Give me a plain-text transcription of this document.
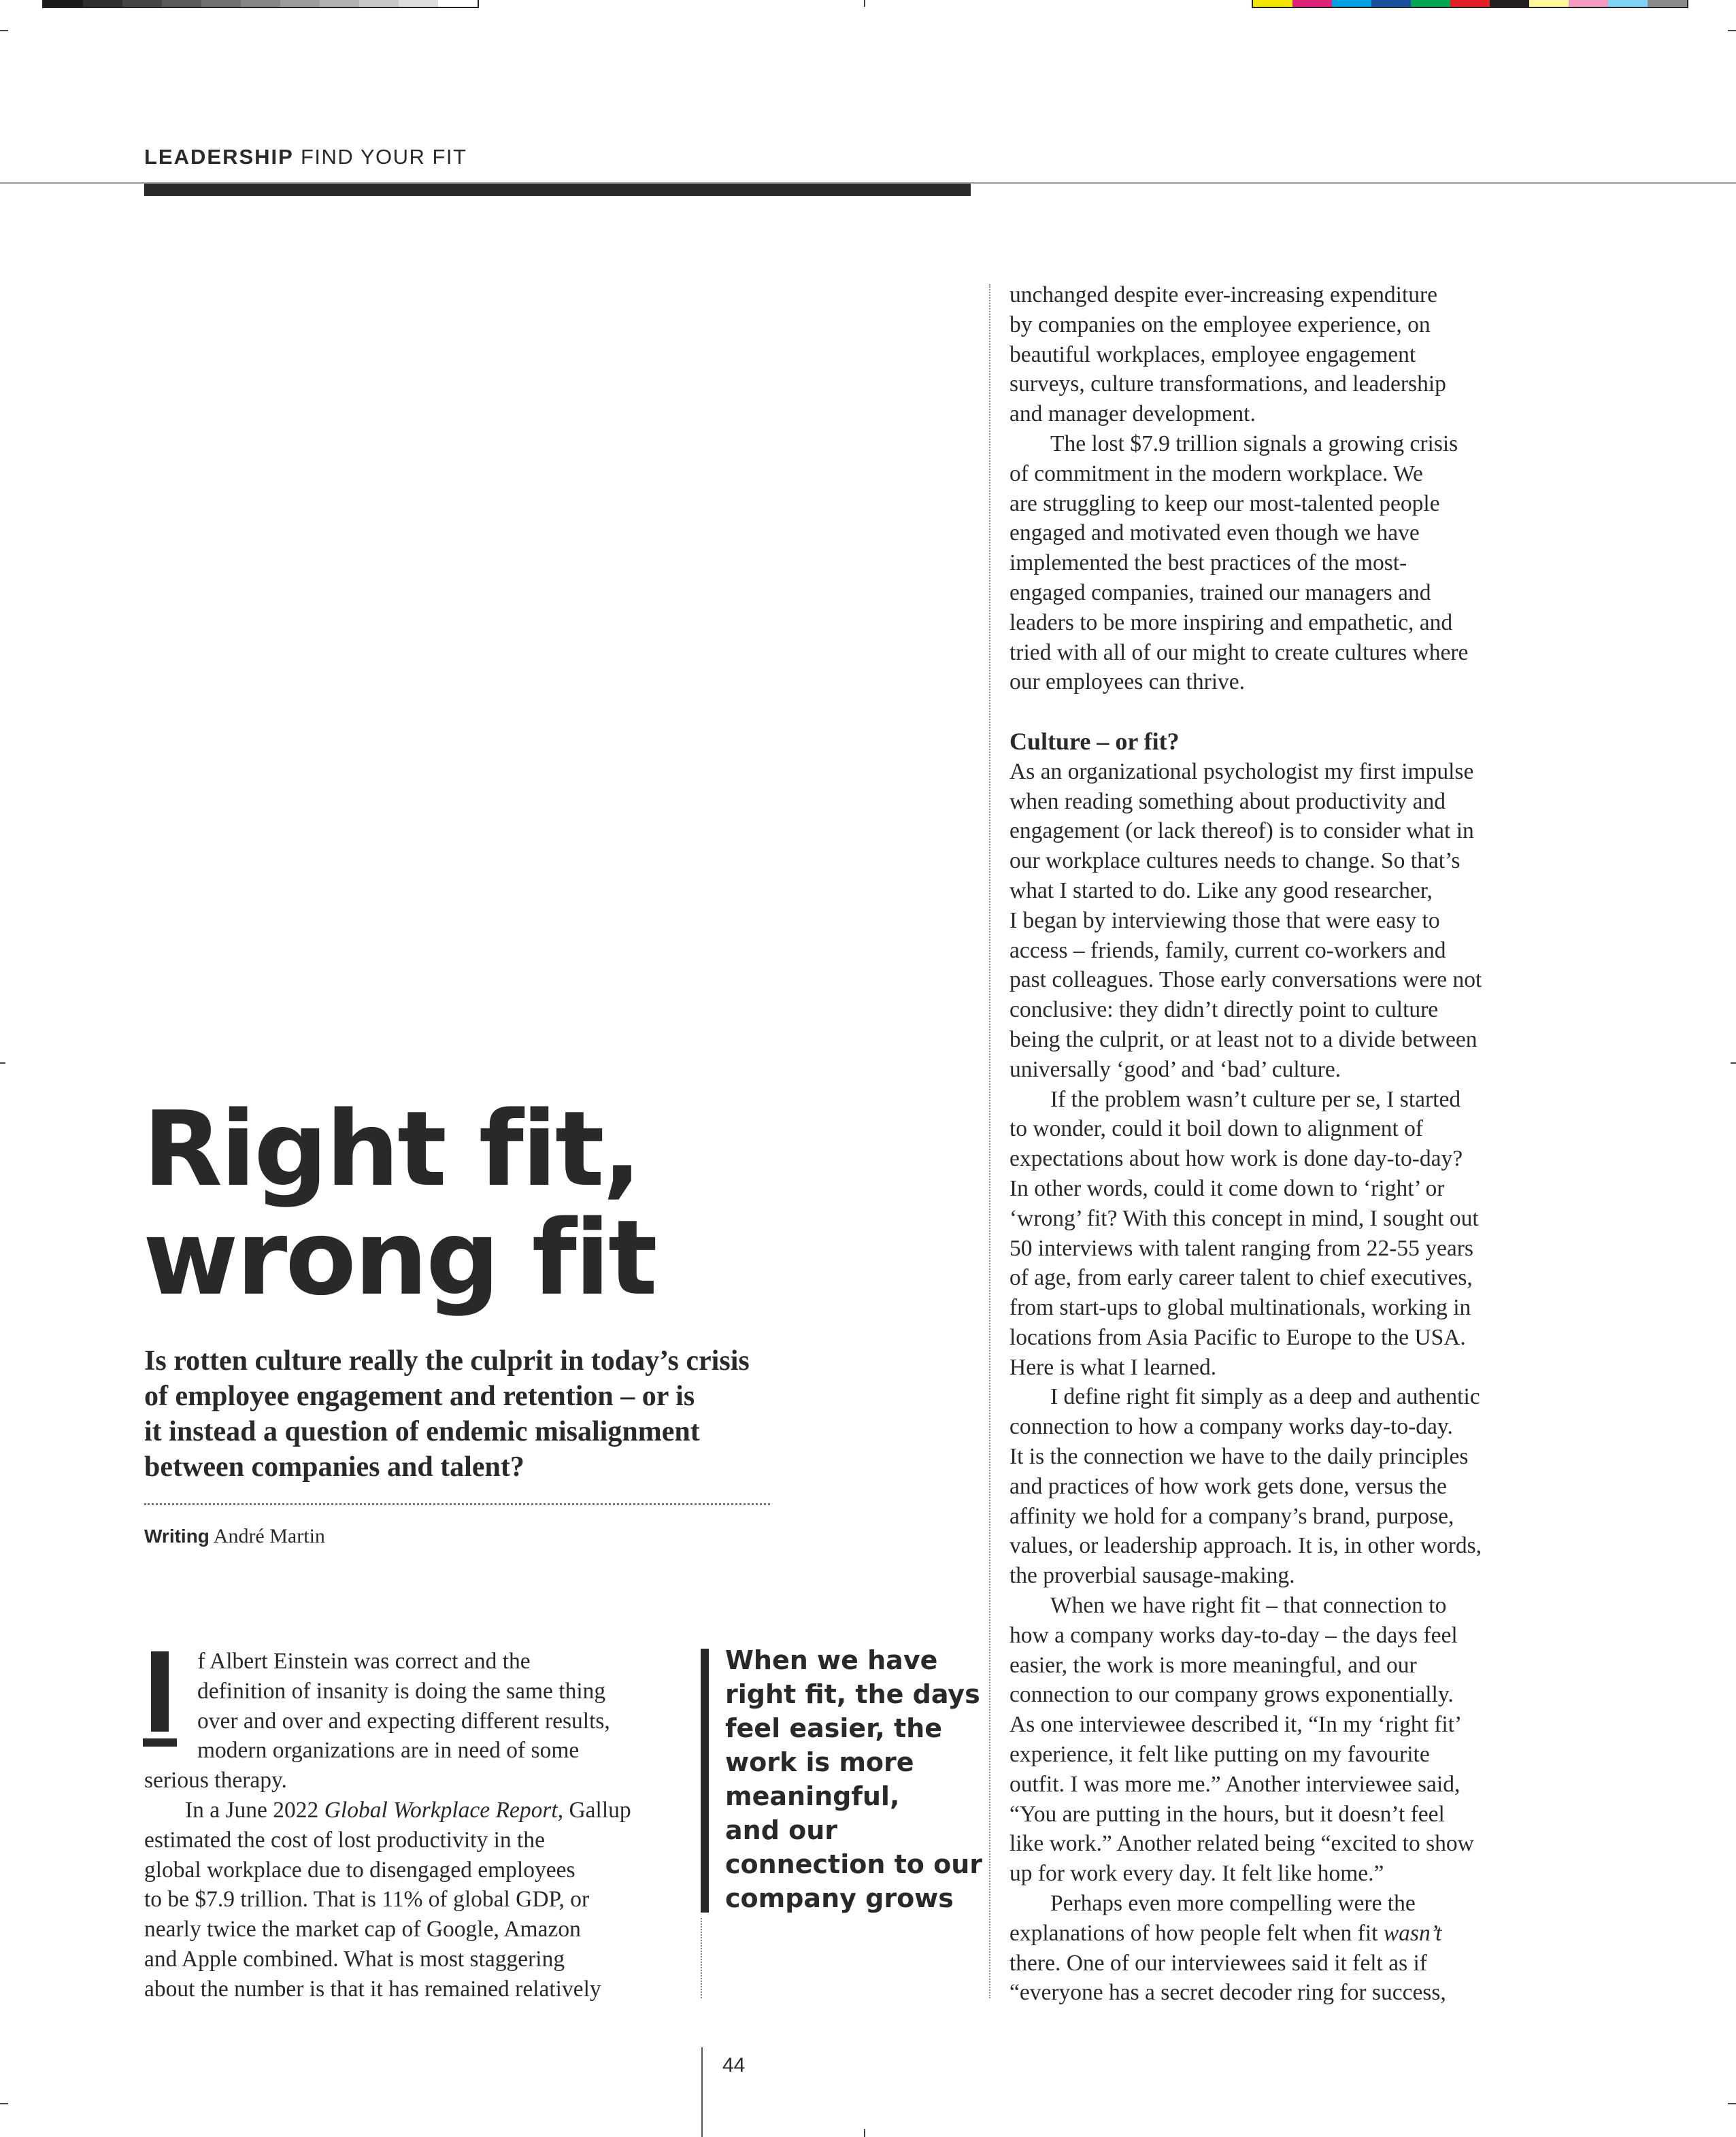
LEADERSHIP FIND YOUR FIT
Right fit,
wrong fit
Is rotten culture really the culprit in today’s crisis
of employee engagement and retention – or is
it instead a question of endemic misalignment
between companies and talent?
Writing André Martin
f Albert Einstein was correct and the
definition of insanity is doing the same thing
over and over and expecting different results,
modern organizations are in need of some
serious therapy.
In a June 2022 Global Workplace Report, Gallup
estimated the cost of lost productivity in the
global workplace due to disengaged employees
to be $7.9 trillion. That is 11% of global GDP, or
nearly twice the market cap of Google, Amazon
and Apple combined. What is most staggering
about the number is that it has remained relatively
When we have
right fit, the days
feel easier, the
work is more
meaningful,
and our
connection to our
company grows
unchanged despite ever-increasing expenditure
by companies on the employee experience, on
beautiful workplaces, employee engagement
surveys, culture transformations, and leadership
and manager development.
The lost $7.9 trillion signals a growing crisis
of commitment in the modern workplace. We
are struggling to keep our most-talented people
engaged and motivated even though we have
implemented the best practices of the most-
engaged companies, trained our managers and
leaders to be more inspiring and empathetic, and
tried with all of our might to create cultures where
our employees can thrive.
Culture – or fit?
As an organizational psychologist my first impulse
when reading something about productivity and
engagement (or lack thereof) is to consider what in
our workplace cultures needs to change. So that’s
what I started to do. Like any good researcher,
I began by interviewing those that were easy to
access – friends, family, current co-workers and
past colleagues. Those early conversations were not
conclusive: they didn’t directly point to culture
being the culprit, or at least not to a divide between
universally ‘good’ and ‘bad’ culture.
If the problem wasn’t culture per se, I started
to wonder, could it boil down to alignment of
expectations about how work is done day-to-day?
In other words, could it come down to ‘right’ or
‘wrong’ fit? With this concept in mind, I sought out
50 interviews with talent ranging from 22-55 years
of age, from early career talent to chief executives,
from start-ups to global multinationals, working in
locations from Asia Pacific to Europe to the USA.
Here is what I learned.
I define right fit simply as a deep and authentic
connection to how a company works day-to-day.
It is the connection we have to the daily principles
and practices of how work gets done, versus the
affinity we hold for a company’s brand, purpose,
values, or leadership approach. It is, in other words,
the proverbial sausage-making.
When we have right fit – that connection to
how a company works day-to-day – the days feel
easier, the work is more meaningful, and our
connection to our company grows exponentially.
As one interviewee described it, “In my ‘right fit’
experience, it felt like putting on my favourite
outfit. I was more me.” Another interviewee said,
“You are putting in the hours, but it doesn’t feel
like work.” Another related being “excited to show
up for work every day. It felt like home.”
Perhaps even more compelling were the
explanations of how people felt when fit wasn’t
there. One of our interviewees said it felt as if
“everyone has a secret decoder ring for success,
44
